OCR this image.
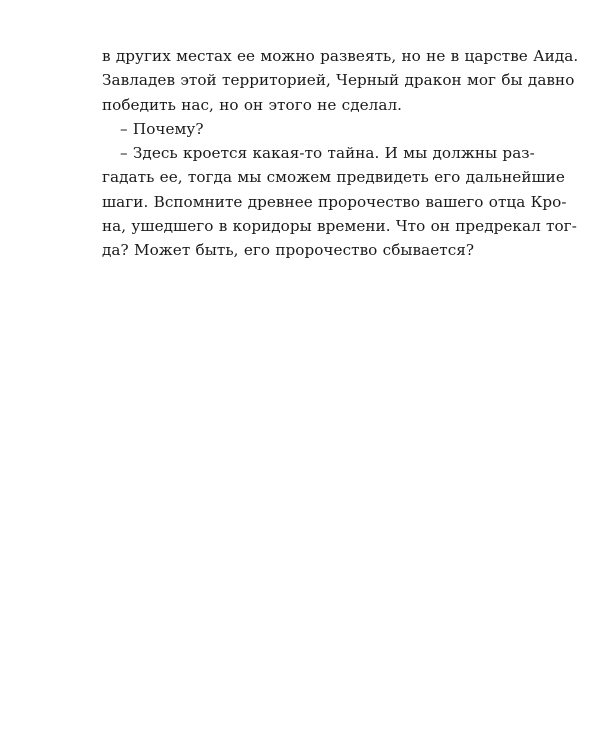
в других местах ее можно развеять, но не в царстве Аида.
Завладев этой территорией, Черный дракон мог бы давно
победить нас, но он этого не сделал.
– Почему?
– Здесь кроется какая-то тайна. И мы должны раз-
гадать ее, тогда мы сможем предвидеть его дальнейшие
шаги. Вспомните древнее пророчество вашего отца Кро-
на, ушедшего в коридоры времени. Что он предрекал тог-
да? Может быть, его пророчество сбывается?
